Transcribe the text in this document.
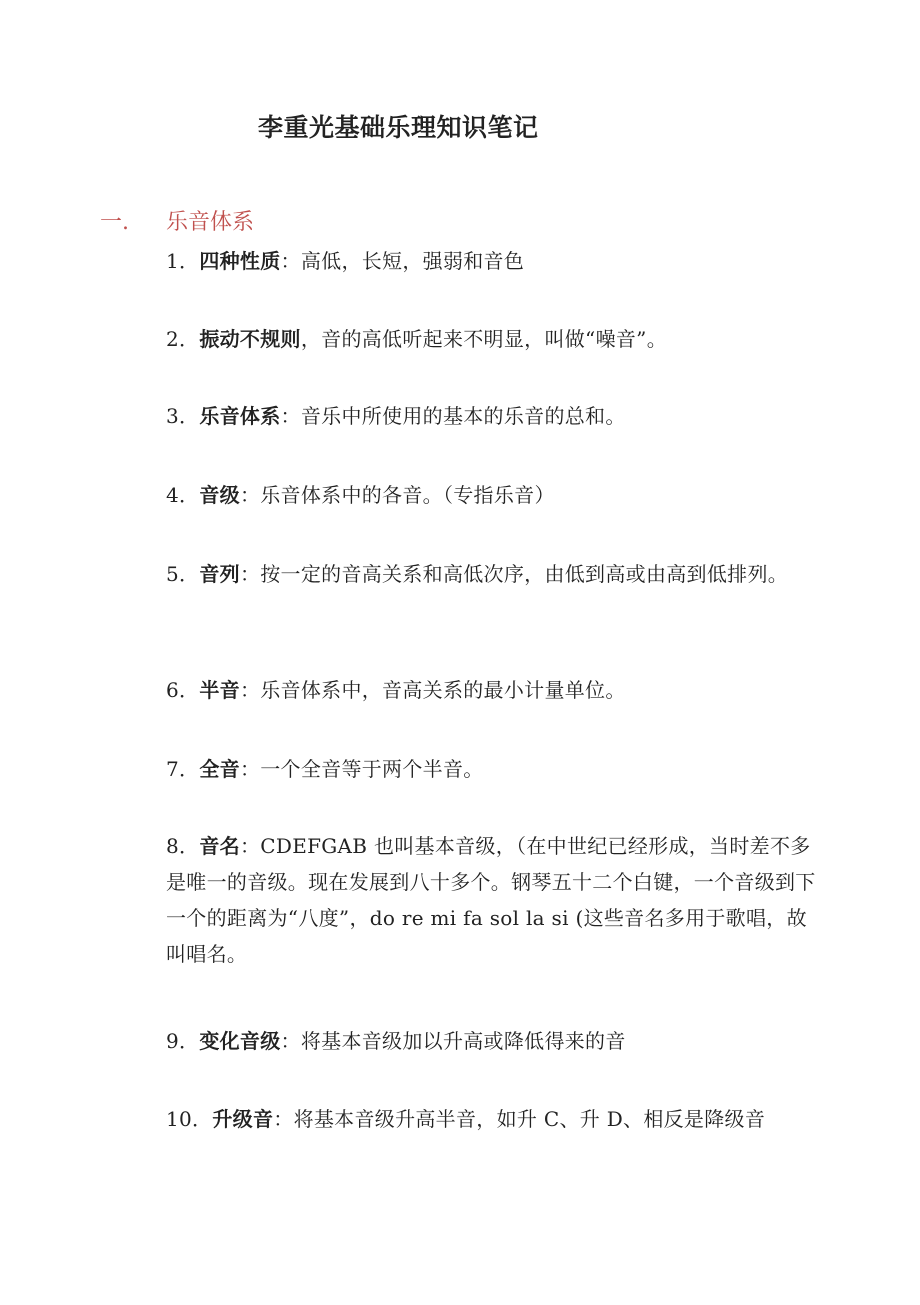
李重光基础乐理知识笔记
一. 乐音体系
1．四种性质：高低，长短，强弱和音色
2．振动不规则，音的高低听起来不明显，叫做“噪音”。
3．乐音体系：音乐中所使用的基本的乐音的总和。
4．音级：乐音体系中的各音。（专指乐音）
5．音列：按一定的音高关系和高低次序，由低到高或由高到低排列。
6．半音：乐音体系中，音高关系的最小计量单位。
7．全音：一个全音等于两个半音。
8．音名：CDEFGAB 也叫基本音级，（在中世纪已经形成，当时差不多是唯一的音级。现在发展到八十多个。钢琴五十二个白键，一个音级到下一个的距离为“八度”，do re mi fa sol la si (这些音名多用于歌唱，故叫唱名。
9．变化音级：将基本音级加以升高或降低得来的音
10．升级音：将基本音级升高半音，如升 C、升 D、相反是降级音
